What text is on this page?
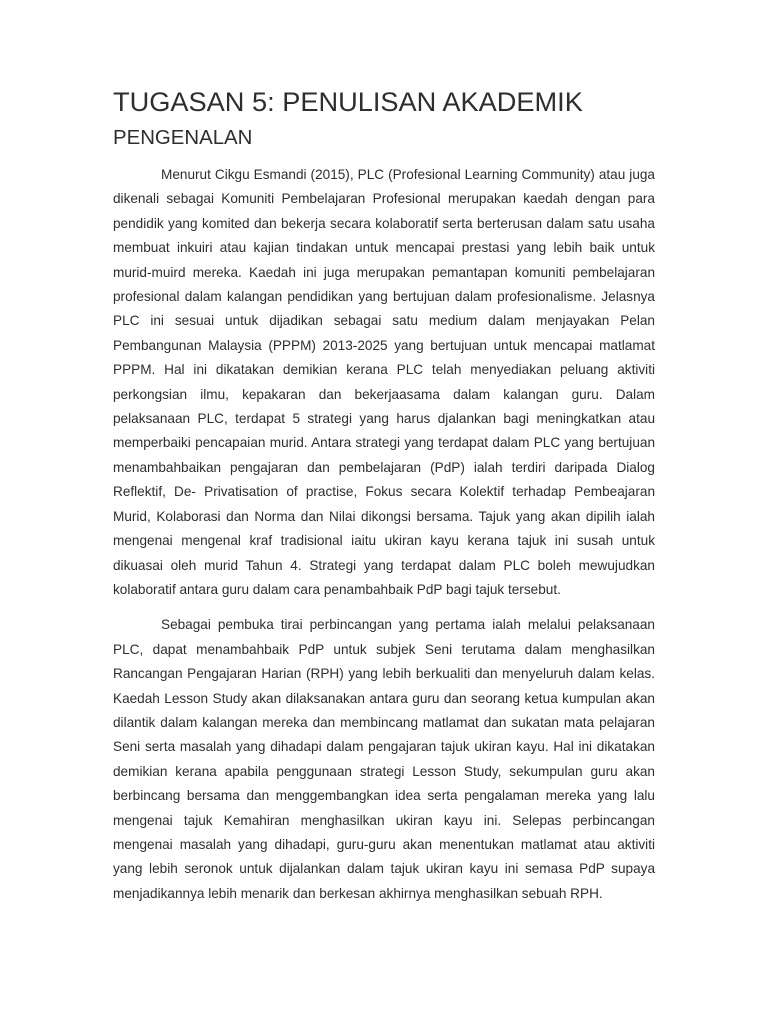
TUGASAN 5: PENULISAN AKADEMIK
PENGENALAN

Menurut Cikgu Esmandi (2015), PLC (Profesional Learning Community) atau juga dikenali sebagai Komuniti Pembelajaran Profesional merupakan kaedah dengan para pendidik yang komited dan bekerja secara kolaboratif serta berterusan dalam satu usaha membuat inkuiri atau kajian tindakan untuk mencapai prestasi yang lebih baik untuk murid-muird mereka. Kaedah ini juga merupakan pemantapan komuniti pembelajaran profesional dalam kalangan pendidikan yang bertujuan dalam profesionalisme. Jelasnya PLC ini sesuai untuk dijadikan sebagai satu medium dalam menjayakan Pelan Pembangunan Malaysia (PPPM) 2013-2025 yang bertujuan untuk mencapai matlamat PPPM. Hal ini dikatakan demikian kerana PLC telah menyediakan peluang aktiviti perkongsian ilmu, kepakaran dan bekerjaasama dalam kalangan guru. Dalam pelaksanaan PLC, terdapat 5 strategi yang harus djalankan bagi meningkatkan atau memperbaiki pencapaian murid. Antara strategi yang terdapat dalam PLC yang bertujuan menambahbaikan pengajaran dan pembelajaran (PdP) ialah terdiri daripada Dialog Reflektif, De- Privatisation of practise, Fokus secara Kolektif terhadap Pembeajaran Murid, Kolaborasi dan Norma dan Nilai dikongsi bersama. Tajuk yang akan dipilih ialah mengenai mengenal kraf tradisional iaitu ukiran kayu kerana tajuk ini susah untuk dikuasai oleh murid Tahun 4. Strategi yang terdapat dalam PLC boleh mewujudkan kolaboratif antara guru dalam cara penambahbaik PdP bagi tajuk tersebut.

Sebagai pembuka tirai perbincangan yang pertama ialah melalui pelaksanaan PLC, dapat menambahbaik PdP untuk subjek Seni terutama dalam menghasilkan Rancangan Pengajaran Harian (RPH) yang lebih berkualiti dan menyeluruh dalam kelas. Kaedah Lesson Study akan dilaksanakan antara guru dan seorang ketua kumpulan akan dilantik dalam kalangan mereka dan membincang matlamat dan sukatan mata pelajaran Seni serta masalah yang dihadapi dalam pengajaran tajuk ukiran kayu. Hal ini dikatakan demikian kerana apabila penggunaan strategi Lesson Study, sekumpulan guru akan berbincang bersama dan menggembangkan idea serta pengalaman mereka yang lalu mengenai tajuk Kemahiran menghasilkan ukiran kayu ini. Selepas perbincangan mengenai masalah yang dihadapi, guru-guru akan menentukan matlamat atau aktiviti yang lebih seronok untuk dijalankan dalam tajuk ukiran kayu ini semasa PdP supaya menjadikannya lebih menarik dan berkesan akhirnya menghasilkan sebuah RPH.
